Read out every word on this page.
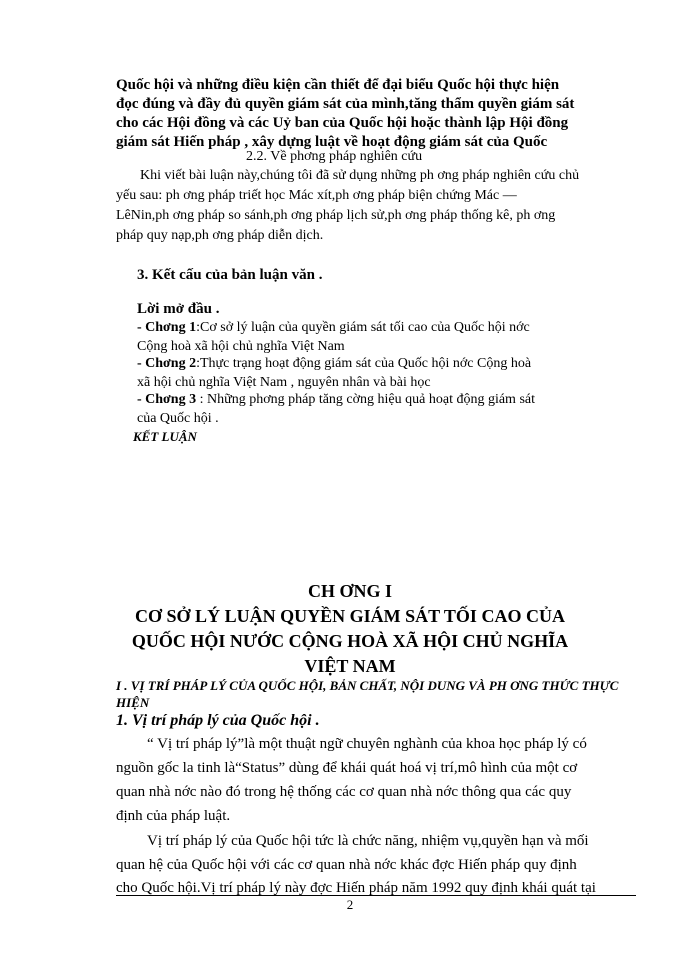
Quốc hội và những điều kiện cần thiết để đại biểu Quốc hội thực hiện
đọc đúng và đầy đủ quyền giám sát của mình,tăng thẩm quyền giám sát
cho các Hội đồng và các Uỷ ban của Quốc hội hoặc thành lập Hội đồng
giám sát Hiến pháp , xây dựng luật về hoạt động giám sát của Quốc
2.2. Về phơng pháp nghiên cứu
Khi viết bài luận này,chúng tôi đã sử dụng những ph ơng pháp nghiên cứu chủ
yếu sau: ph ơng pháp triết học Mác xít,ph ơng pháp biện chứng Mác —
LêNin,ph ơng pháp so sánh,ph ơng pháp lịch sử,ph ơng pháp thống kê, ph ơng
pháp quy nạp,ph ơng pháp diễn dịch.
3. Kết cấu của bản luận văn .
Lời mở đầu .
- Chơng 1:Cơ sở lý luận của quyền giám sát tối cao của Quốc hội nớc
Cộng hoà xã hội chủ nghĩa Việt Nam
- Chơng 2:Thực trạng hoạt động giám sát của Quốc hội nớc Cộng hoà
xã hội chủ nghĩa Việt Nam , nguyên nhân và bài học
- Chơng 3 : Những phơng pháp tăng cờng hiệu quả hoạt động giám sát
của Quốc hội .
KẾT LUẬN
CH ƠNG I
CƠ SỞ LÝ LUẬN QUYỀN GIÁM SÁT TỐI CAO CỦA
QUỐC HỘI NƯỚC CỘNG HOÀ XÃ HỘI CHỦ NGHĨA
VIỆT NAM
I . VỊ TRÍ PHÁP LÝ CỦA QUỐC HỘI, BẢN CHẤT, NỘI DUNG VÀ PH ƠNG THỨC THỰC
HIỆN
1. Vị trí pháp lý của Quốc hội .
“ Vị trí pháp lý”là một thuật ngữ chuyên nghành của khoa học pháp lý có
nguồn gốc la tinh là“Status” dùng để khái quát hoá vị trí,mô hình của một cơ
quan nhà nớc nào đó trong hệ thống các cơ quan nhà nớc thông qua các quy
định của pháp luật.
Vị trí pháp lý của Quốc hội tức là chức năng, nhiệm vụ,quyền hạn và mối
quan hệ của Quốc hội với các cơ quan nhà nớc khác đợc Hiến pháp quy định
cho Quốc hội.Vị trí pháp lý này đợc Hiến pháp năm 1992 quy định khái quát tại
2
